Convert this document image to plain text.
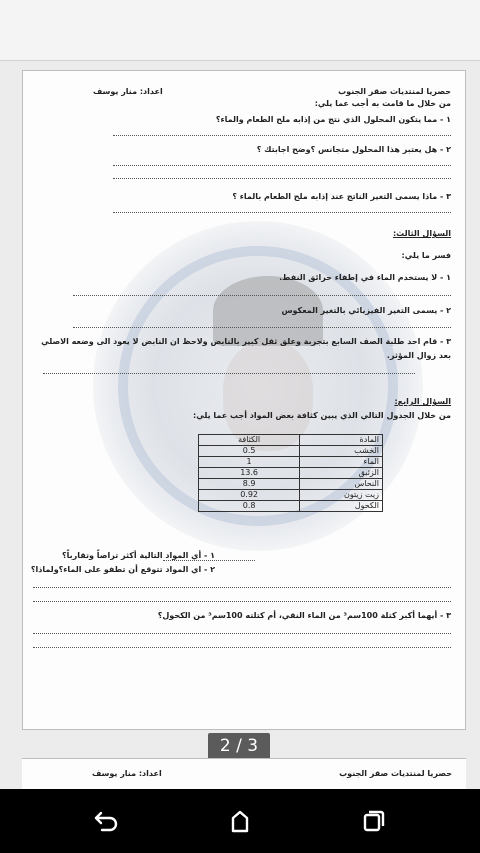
حصريا لمنتديات صقر الجنوب
اعداد: منار يوسف
من خلال ما قامت به أجب عما يلي:
١ - مما يتكون المحلول الذي نتج من إذابه ملح الطعام والماء؟
٢ - هل يعتبر هذا المحلول متجانس ؟وضح اجابتك ؟
٣ - ماذا يسمى التغير الناتج عند إذابه ملح الطعام بالماء ؟
السؤال الثالث:
فسر ما يلي:
١ - لا يستخدم الماء في إطفاء حرائق النفط.
٢ - يسمى التغير الفيزيائي بالتغير المعكوس
٣ - قام احد طلبة الصف السابع بتجربة وعلق ثقل كبير بالنابض ولاحظ ان النابض لا يعود الى وضعه الاصلي
بعد زوال المؤثر.
السؤال الرابع:
من خلال الجدول التالي الذي يبين كثافة بعض المواد أجب عما يلي:
١ - أي المواد التالية أكثر تراصاً وتقارباً؟
٢ - اي المواد تتوقع أن تطفو على الماء؟ولماذا؟
٣ - أيهما أكبر كتلة 100سم³ من الماء النقي، أم كتلته 100سم³ من الكحول؟
المادة	الكثافة
الخشب	0.5
الماء	1
الزئبق	13.6
النحاس	8.9
زيت زيتون	0.92
الكحول	0.8
2 / 3
حصريا لمنتديات صقر الجنوب
اعداد: منار يوسف
